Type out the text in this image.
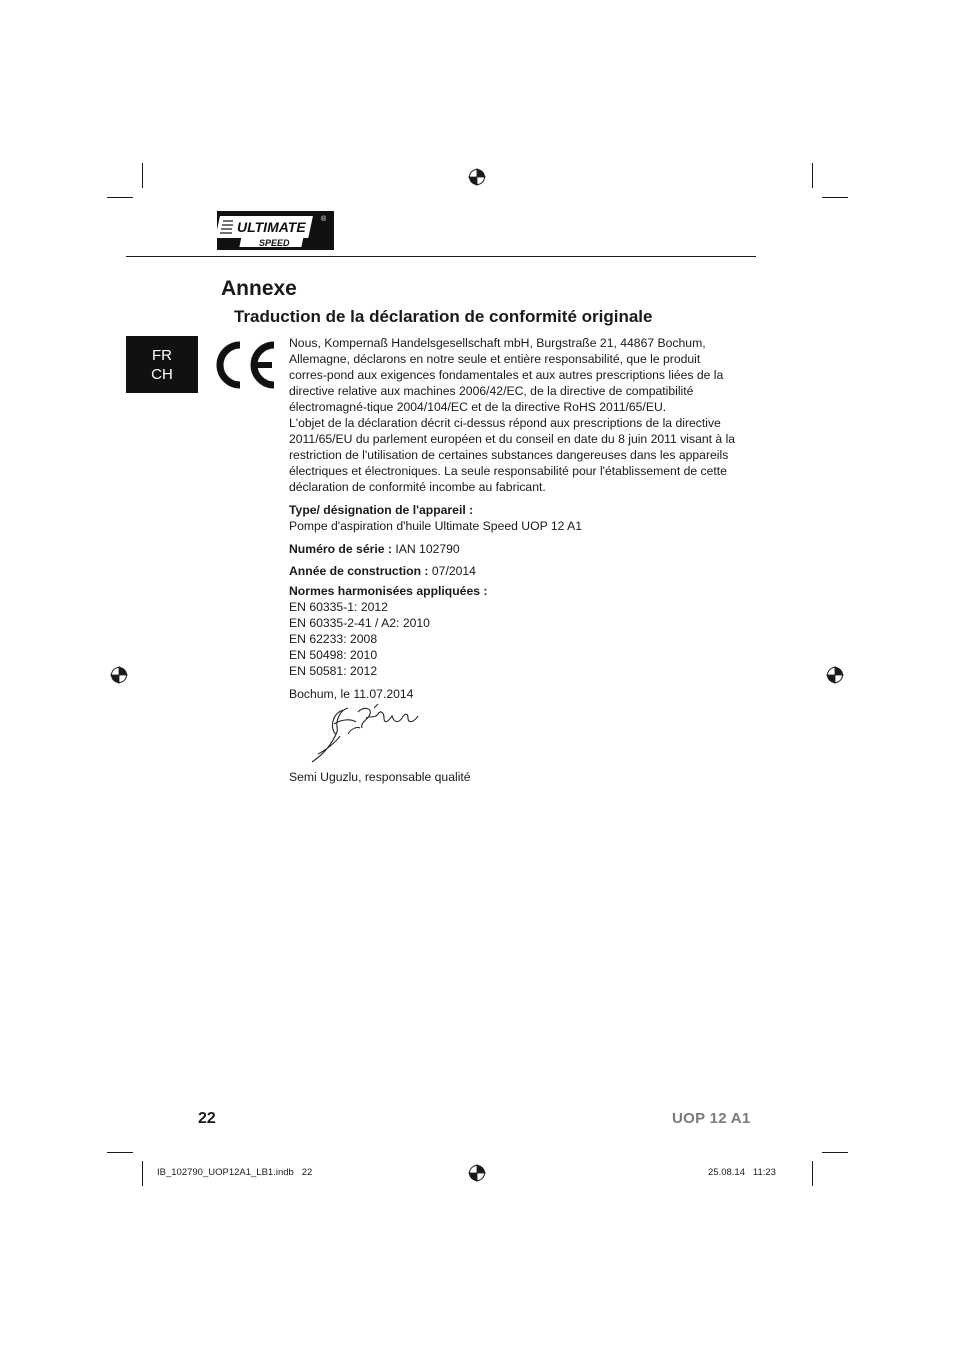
ULTIMATE
SPEED
®
Annexe
Traduction de la déclaration de conformité originale
FR
CH

Nous, Kompernaß Handelsgesellschaft mbH, Burgstraße 21, 44867 Bochum, Allemagne, déclarons en notre seule et entière responsabilité, que le produit corres-pond aux exigences fondamentales et aux autres prescriptions liées de la directive relative aux machines 2006/42/EC, de la directive de compatibilité électromagné-tique 2004/104/EC et de la directive RoHS 2011/65/EU.

L'objet de la déclaration décrit ci-dessus répond aux prescriptions de la directive 2011/65/EU du parlement européen et du conseil en date du 8 juin 2011 visant à la restriction de l'utilisation de certaines substances dangereuses dans les appareils électriques et électroniques. La seule responsabilité pour l'établissement de cette déclaration de conformité incombe au fabricant.

Type/ désignation de l'appareil :

Pompe d'aspiration d'huile Ultimate Speed UOP 12 A1

Numéro de série : IAN 102790

Année de construction : 07/2014

Normes harmonisées appliquées :

EN 60335-1: 2012

EN 60335-2-41 / A2: 2010

EN 62233: 2008

EN 50498: 2010

EN 50581: 2012

Bochum, le 11.07.2014

Semi Uguzlu, responsable qualité
22	UOP 12 A1
IB_102790_UOP12A1_LB1.indb   22	25.08.14   11:23
